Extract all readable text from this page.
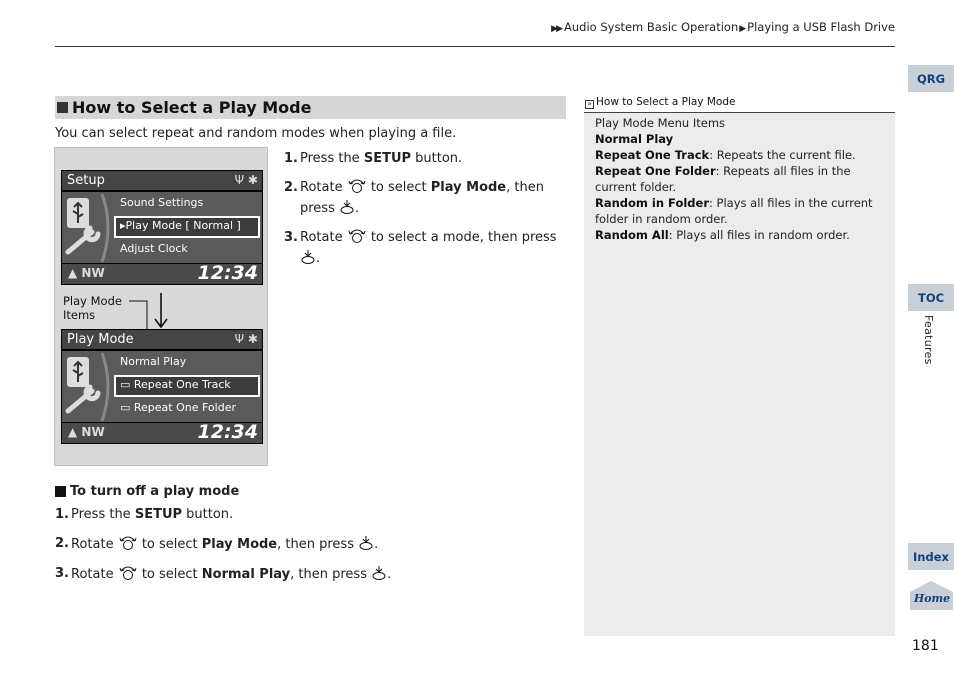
▶▶ Audio System Basic Operation▶Playing a USB Flash Drive
QRG
TOC
Features
Index
Home
181
How to Select a Play Mode
You can select repeat and random modes when playing a file.
Setup	Ψ ✱
Sound Settings
▸Play Mode [ Normal ]
Adjust Clock
▲ NW	12:34
Play Mode
Items
Play Mode	Ψ ✱
Normal Play
▭ Repeat One Track
▭ Repeat One Folder
▲ NW	12:34
1. Press the SETUP button.
2. Rotate  to select Play Mode, then press .
3. Rotate  to select a mode, then press .
To turn off a play mode
1. Press the SETUP button.
2. Rotate  to select Play Mode, then press .
3. Rotate  to select Normal Play, then press .
» How to Select a Play Mode
Play Mode Menu Items
Normal Play
Repeat One Track: Repeats the current file.
Repeat One Folder: Repeats all files in the current folder.
Random in Folder: Plays all files in the current folder in random order.
Random All: Plays all files in random order.
